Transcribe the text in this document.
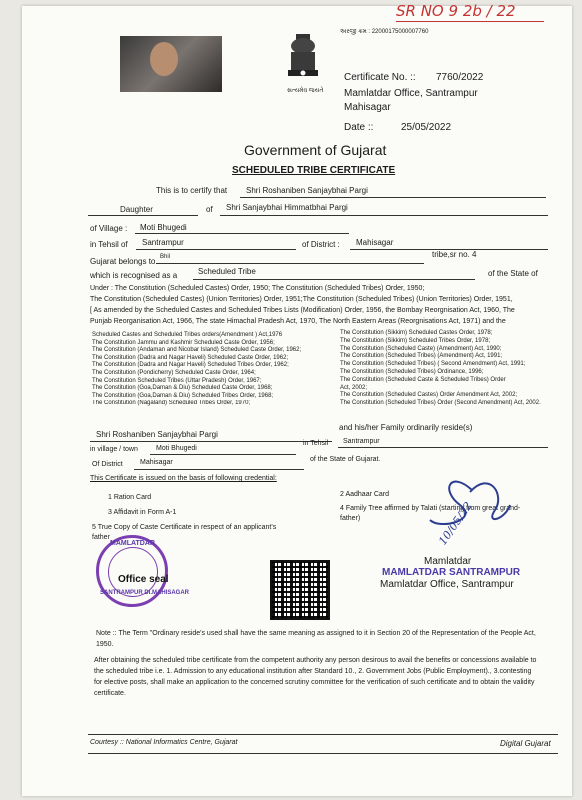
SR NO 9 2b / 22
અરજી ક્રમ : 22000175000007760
સત્યમેવ જયતે
Certificate No. :: 7760/2022
Mamlatdar Office, Santrampur
Mahisagar
Date ::	25/05/2022
Government of Gujarat
SCHEDULED TRIBE CERTIFICATE
This is to certify that Shri Roshaniben Sanjaybhai Pargi
Daughter	of Shri Sanjaybhai Himmatbhai Pargi
of Village : Moti Bhugedi
in Tehsil of Santrampur	of District : Mahisagar
Gujarat belongs to Bhil	tribe,sr no. 4
which is recognised as a	Scheduled Tribe	of the State of
Under : The Constitution (Scheduled Castes) Order, 1950; The Constitution (Scheduled Tribes) Order, 1950;
The Constitution (Scheduled Castes) (Union Territories) Order, 1951;The Constitution (Scheduled Tribes) (Union Territories) Order, 1951,
[ As amended by the Scheduled Castes and Scheduled Tribes Lists (Modification) Order, 1956, the Bombay Reorgnisation Act, 1960, The
Punjab Reorganisation Act, 1966, The state Himachal Pradesh Act, 1970, The North Eastern Areas (Reorgnisations Act, 1971) and the
Scheduled Castes and Scheduled Tribes orders(Amendment ) Act,1976
The Constitution Jammu and Kashmir Scheduled Caste Order, 1956;
The Constitution (Andaman and Nicobar Island) Scheduled Caste Order, 1962;
The Constitution (Dadra and Nagar Haveli) Scheduled Caste Order, 1962;
The Constitution (Dadra and Nagar Haveli) Scheduled Tribes Order, 1962;
The Constitution (Pondicherry) Scheduled Caste Order, 1964;
The Constitution Scheduled Tribes (Uttar Pradesh) Order, 1967;
The Constitution (Goa,Daman & Diu) Scheduled Caste Order, 1968;
The Constitution (Goa,Daman & Diu) Scheduled Tribes Order, 1968;
The Constitution (Nagaland) Scheduled Tribes Order, 1970;
The Constitution (Sikkim) Scheduled Castes Order, 1978;
The Constitution (Sikkim) Scheduled Tribes Order, 1978;
The Constitution (Scheduled Caste) (Amendment) Act, 1990;
The Constitution (Scheduled Tribes) (Amendment) Act, 1991;
The Constitution (Scheduled Tribes) ( Second Amendment) Act, 1991;
The Constitution (Scheduled Tribes) Ordinance, 1996;
The Constitution (Scheduled Caste & Scheduled Tribes) Order
Act, 2002;
The Constitution (Scheduled Castes) Order Amendment Act, 2002;
The Constitution (Scheduled Tribes) Order (Second Amendment) Act, 2002.
Shri Roshaniben Sanjaybhai Pargi
and his/her Family ordinarily reside(s)
in village / town	Moti Bhugedi
in Tehsil Santrampur
Of District Mahisagar	of the State of Gujarat.
This Certificate is issued on the basis of following credential:
1 Ration Card	2 Aadhaar Card
3 Affidavit in Form A-1
4 Family Tree affirmed by Talati (starting from great grand-
father)
5 True Copy of Caste Certificate in respect of an applicant's
father
MAMLATDAR
SANTRAMPUR DI.MAHISAGAR
Office seal
10/05/22
Mamlatdar
MAMLATDAR SANTRAMPUR
Mamlatdar Office, Santrampur
Note :: The Term "Ordinary reside's used shall have the same meaning as assigned to it in Section 20 of the Representation of the People Act,
1950.
After obtaining the scheduled tribe certificate from the competent authority any person desirous to avail the benefits or concessions available to
the scheduled tribe i.e. 1. Admission to any educational institution after Standard 10., 2. Government Jobs (Public Employment)., 3.contesting
for elective posts, shall make an application to the concerned scrutiny committee for the verification of such certificate and to obtain the validity
certificate.
Courtesy :: National Informatics Centre, Gujarat	Digital Gujarat
